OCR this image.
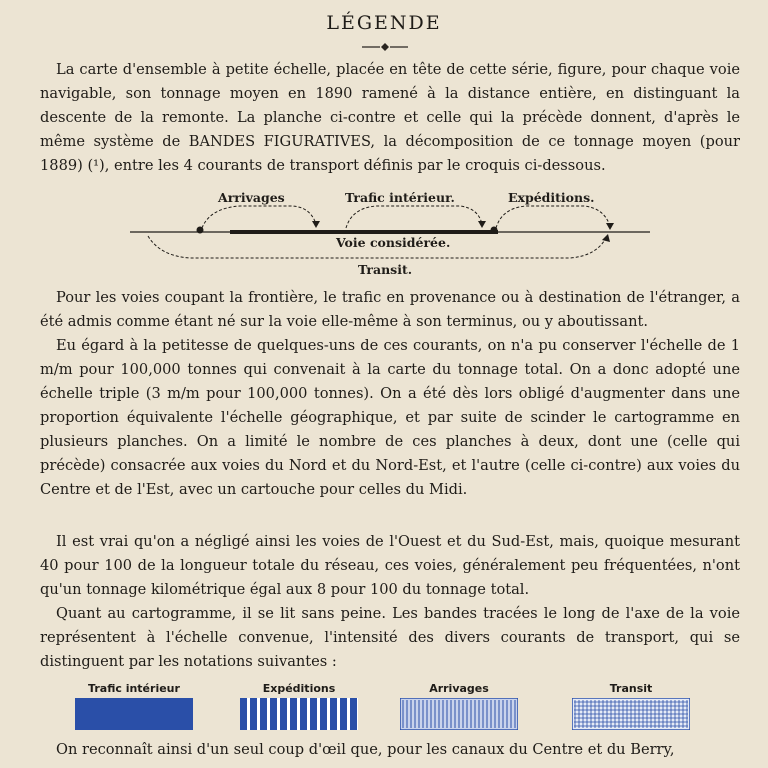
LÉGENDE
La carte d'ensemble à petite échelle, placée en tête de cette série, figure, pour chaque voie navigable, son tonnage moyen en 1890 ramené à la distance entière, en distinguant la descente de la remonte. La planche ci-contre et celle qui la précède donnent, d'après le même système de BANDES FIGURATIVES, la décomposition de ce tonnage moyen (pour 1889) (¹), entre les 4 courants de transport définis par le croquis ci-dessous.
Arrivages	Trafic intérieur.	Expéditions.
Voie considérée.
Transit.
Pour les voies coupant la frontière, le trafic en provenance ou à destination de l'étranger, a été admis comme étant né sur la voie elle-même à son terminus, ou y aboutissant.
Eu égard à la petitesse de quelques-uns de ces courants, on n'a pu conserver l'échelle de 1 m/m pour 100,000 tonnes qui convenait à la carte du tonnage total. On a donc adopté une échelle triple (3 m/m pour 100,000 tonnes). On a été dès lors obligé d'augmenter dans une proportion équivalente l'échelle géographique, et par suite de scinder le cartogramme en plusieurs planches. On a limité le nombre de ces planches à deux, dont une (celle qui précède) consacrée aux voies du Nord et du Nord-Est, et l'autre (celle ci-contre) aux voies du Centre et de l'Est, avec un cartouche pour celles du Midi.
Il est vrai qu'on a négligé ainsi les voies de l'Ouest et du Sud-Est, mais, quoique mesurant 40 pour 100 de la longueur totale du réseau, ces voies, généralement peu fréquentées, n'ont qu'un tonnage kilométrique égal aux 8 pour 100 du tonnage total.
Quant au cartogramme, il se lit sans peine. Les bandes tracées le long de l'axe de la voie représentent à l'échelle convenue, l'intensité des divers courants de transport, qui se distinguent par les notations suivantes :
Trafic intérieur	Expéditions	Arrivages	Transit
On reconnaît ainsi d'un seul coup d'œil que, pour les canaux du Centre et du Berry,
